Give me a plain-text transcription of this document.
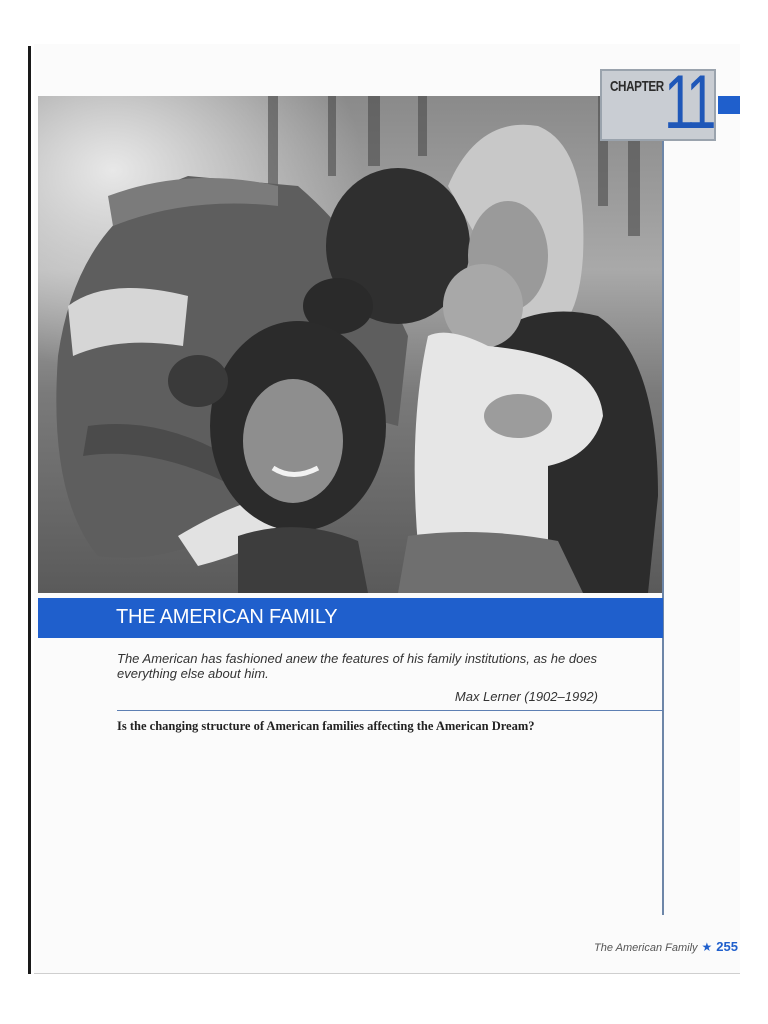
CHAPTER 11
THE AMERICAN FAMILY
The American has fashioned anew the features of his family institutions, as he does everything else about him.
Max Lerner (1902–1992)
Is the changing structure of American families affecting the American Dream?
The American Family ★ 255
